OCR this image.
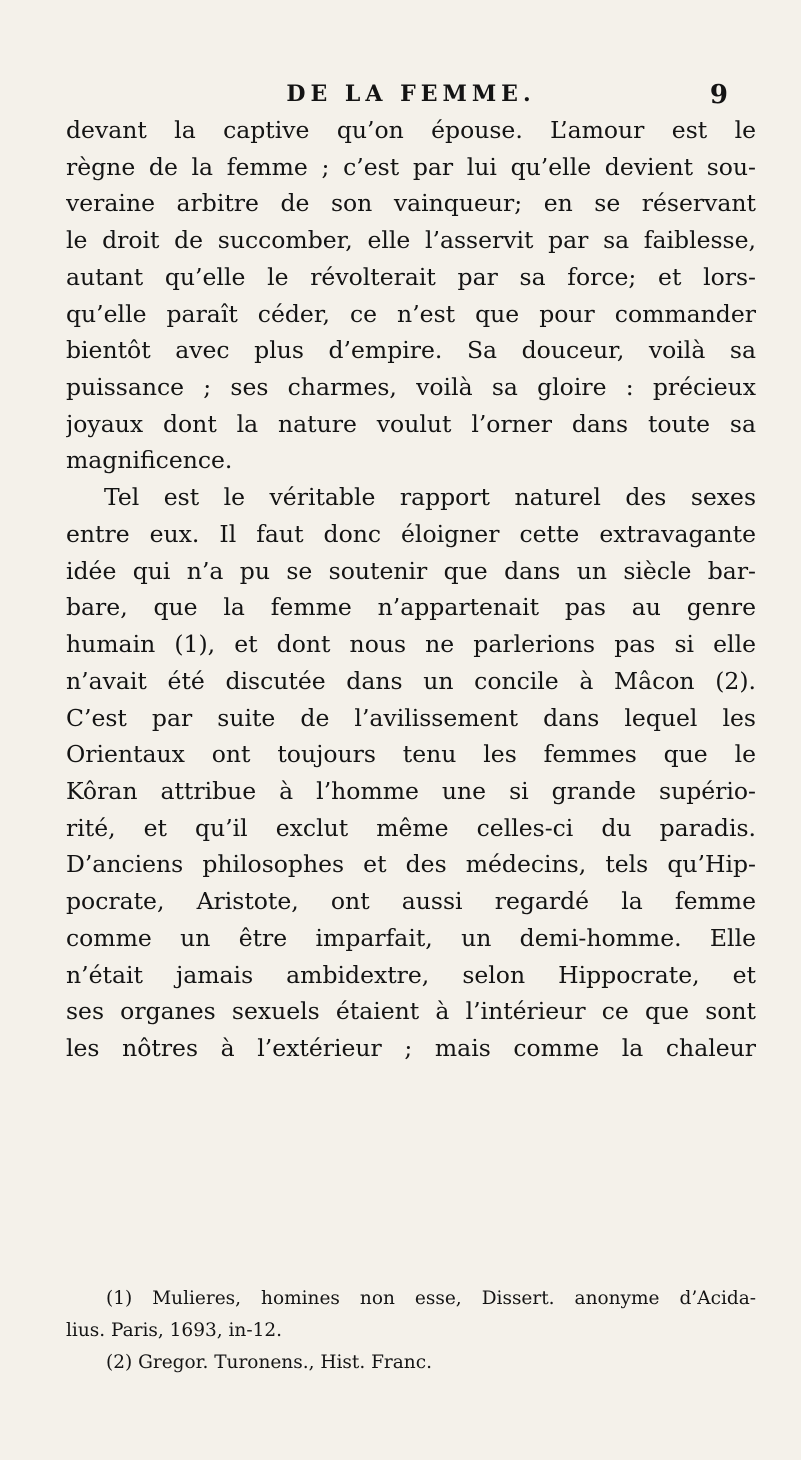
DE LA FEMME.	9
devant la captive qu’on épouse. L’amour est le
règne de la femme ; c’est par lui qu’elle devient sou-
veraine arbitre de son vainqueur; en se réservant
le droit de succomber, elle l’asservit par sa faiblesse,
autant qu’elle le révolterait par sa force; et lors-
qu’elle paraît céder, ce n’est que pour commander
bientôt avec plus d’empire. Sa douceur, voilà sa
puissance ; ses charmes, voilà sa gloire : précieux
joyaux dont la nature voulut l’orner dans toute sa
magnificence.
Tel est le véritable rapport naturel des sexes
entre eux. Il faut donc éloigner cette extravagante
idée qui n’a pu se soutenir que dans un siècle bar-
bare, que la femme n’appartenait pas au genre
humain (1), et dont nous ne parlerions pas si elle
n’avait été discutée dans un concile à Mâcon (2).
C’est par suite de l’avilissement dans lequel les
Orientaux ont toujours tenu les femmes que le
Kôran attribue à l’homme une si grande supério-
rité, et qu’il exclut même celles-ci du paradis.
D’anciens philosophes et des médecins, tels qu’Hip-
pocrate, Aristote, ont aussi regardé la femme
comme un être imparfait, un demi-homme. Elle
n’était jamais ambidextre, selon Hippocrate, et
ses organes sexuels étaient à l’intérieur ce que sont
les nôtres à l’extérieur ; mais comme la chaleur
(1) Mulieres, homines non esse, Dissert. anonyme d’Acida-
lius. Paris, 1693, in-12.
(2) Gregor. Turonens., Hist. Franc.
